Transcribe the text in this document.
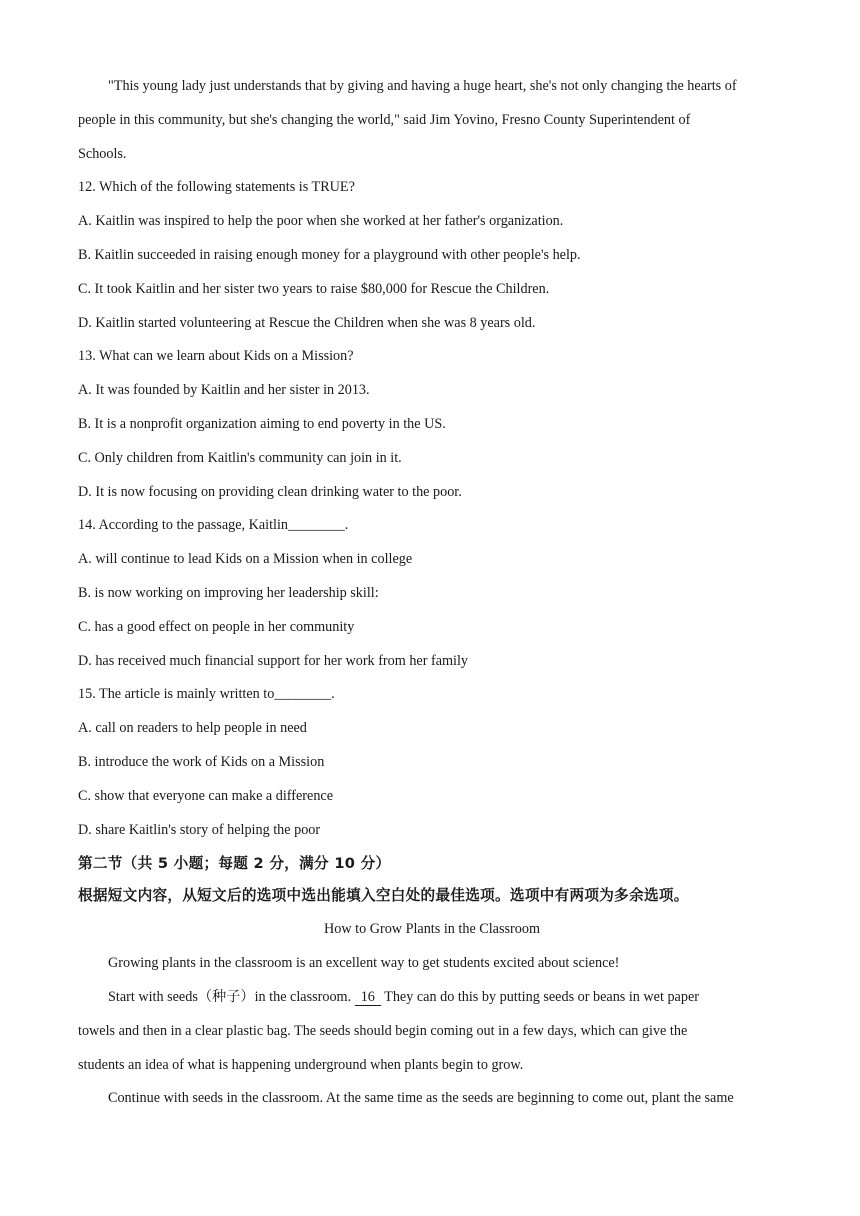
"This young lady just understands that by giving and having a huge heart, she's not only changing the hearts of
people in this community, but she's changing the world," said Jim Yovino, Fresno County Superintendent of
Schools.
12. Which of the following statements is TRUE?
A. Kaitlin was inspired to help the poor when she worked at her father's organization.
B. Kaitlin succeeded in raising enough money for a playground with other people's help.
C. It took Kaitlin and her sister two years to raise $80,000 for Rescue the Children.
D. Kaitlin started volunteering at Rescue the Children when she was 8 years old.
13. What can we learn about Kids on a Mission?
A. It was founded by Kaitlin and her sister in 2013.
B. It is a nonprofit organization aiming to end poverty in the US.
C. Only children from Kaitlin's community can join in it.
D. It is now focusing on providing clean drinking water to the poor.
14. According to the passage, Kaitlin________.
A. will continue to lead Kids on a Mission when in college
B. is now working on improving her leadership skill:
C. has a good effect on people in her community
D. has received much financial support for her work from her family
15. The article is mainly written to________.
A. call on readers to help people in need
B. introduce the work of Kids on a Mission
C. show that everyone can make a difference
D. share Kaitlin's story of helping the poor
第二节（共 5 小题；每题 2 分，满分 10 分）
根据短文内容，从短文后的选项中选出能填入空白处的最佳选项。选项中有两项为多余选项。
How to Grow Plants in the Classroom
Growing plants in the classroom is an excellent way to get students excited about science!
Start with seeds（种子）in the classroom. 16 They can do this by putting seeds or beans in wet paper
towels and then in a clear plastic bag. The seeds should begin coming out in a few days, which can give the
students an idea of what is happening underground when plants begin to grow.
Continue with seeds in the classroom. At the same time as the seeds are beginning to come out, plant the same
